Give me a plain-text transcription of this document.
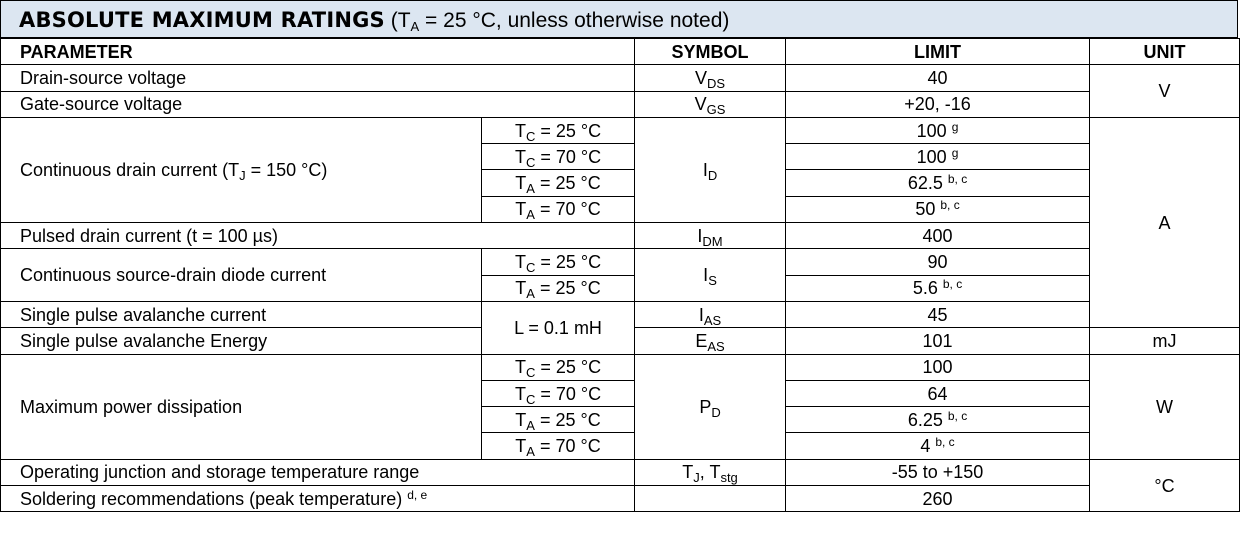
ABSOLUTE MAXIMUM RATINGS ($T_A = 25$ °C, unless otherwise noted)
PARAMETER		SYMBOL	LIMIT	UNIT
Drain-source voltage		$V_{DS}$	40	V
Gate-source voltage		$V_{GS}$	+20, -16	
Continuous drain current ($T_J = 150$ °C)	$T_C = 25$ °C	$I_D$	100 $^g$	A
	$T_C = 70$ °C		100 $^g$
	$T_A = 25$ °C		62.5 $^{b, c}$
	$T_A = 70$ °C		50 $^{b, c}$
Pulsed drain current (t = 100 µs)		$I_{DM}$	400	
Continuous source-drain diode current	$T_C = 25$ °C	$I_S$	90	
	$T_A = 25$ °C		5.6 $^{b, c}$
Single pulse avalanche current	L = 0.1 mH	$I_{AS}$	45	
Single pulse avalanche Energy		$E_{AS}$	101	mJ
Maximum power dissipation	$T_C = 25$ °C	$P_D$	100	W
	$T_C = 70$ °C		64	
	$T_A = 25$ °C		6.25 $^{b, c}$
	$T_A = 70$ °C		4 $^{b, c}$
Operating junction and storage temperature range		$T_J$, $T_{stg}$	-55 to +150	°C
Soldering recommendations (peak temperature) $^{d, e}$			260	
